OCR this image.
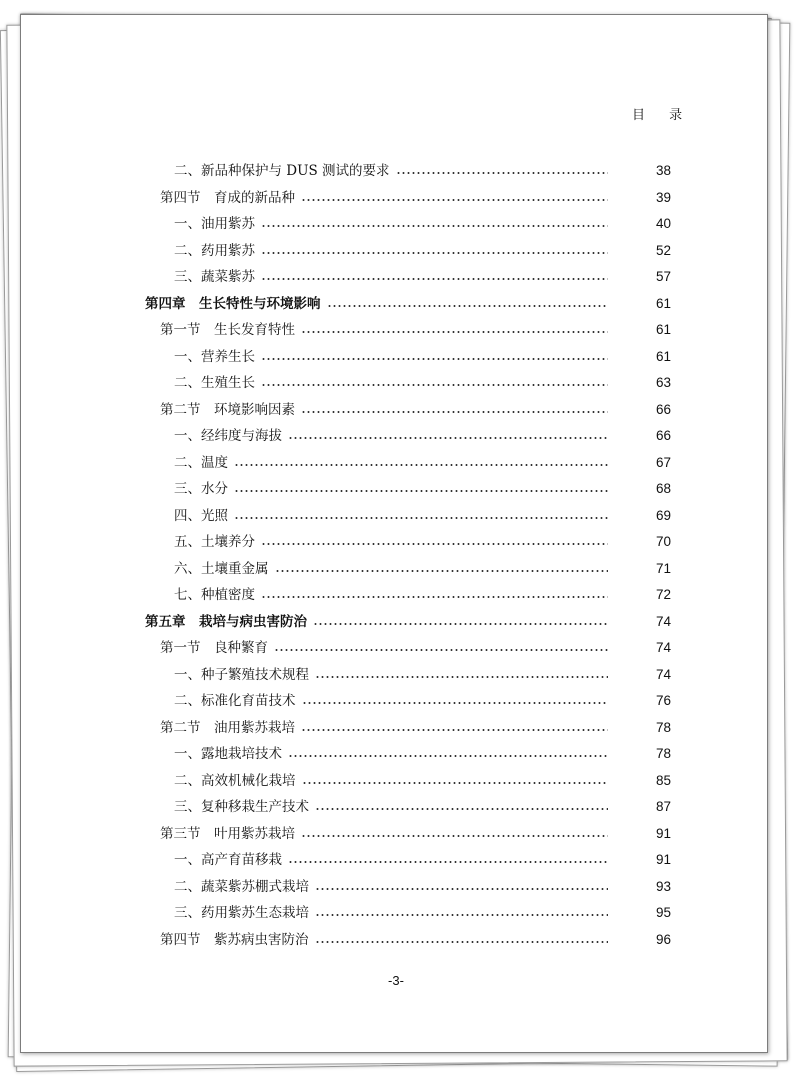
目 录
二、新品种保护与 DUS 测试的要求	38
第四节　育成的新品种	39
一、油用紫苏	40
二、药用紫苏	52
三、蔬菜紫苏	57
第四章　生长特性与环境影响	61
第一节　生长发育特性	61
一、营养生长	61
二、生殖生长	63
第二节　环境影响因素	66
一、经纬度与海拔	66
二、温度	67
三、水分	68
四、光照	69
五、土壤养分	70
六、土壤重金属	71
七、种植密度	72
第五章　栽培与病虫害防治	74
第一节　良种繁育	74
一、种子繁殖技术规程	74
二、标准化育苗技术	76
第二节　油用紫苏栽培	78
一、露地栽培技术	78
二、高效机械化栽培	85
三、复种移栽生产技术	87
第三节　叶用紫苏栽培	91
一、高产育苗移栽	91
二、蔬菜紫苏棚式栽培	93
三、药用紫苏生态栽培	95
第四节　紫苏病虫害防治	96
-3-
